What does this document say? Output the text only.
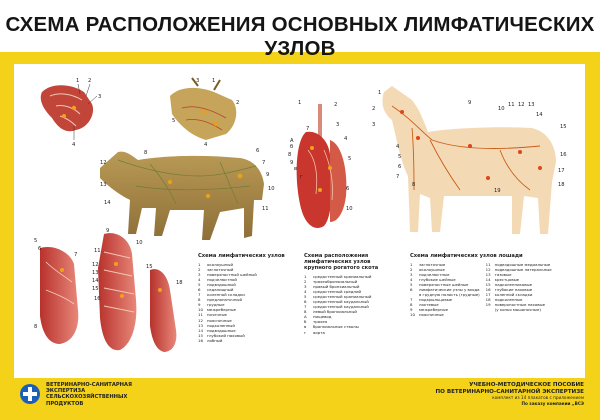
СХЕМА РАСПОЛОЖЕНИЯ ОСНОВНЫХ ЛИМФАТИЧЕСКИХ УЗЛОВ
1 2
3
4
5
3 1
2
4
6
7
8
9
10
12
13
14
11
1	2
3
4
5
6
7
8
9
10
А
б
в
г
1
2
3
4
5
6
7
8
9
10
11 12 13
14
15
16
17
18
19
5
6
7
8
9
10
11
12
13
14
15
16
15
18
Схема лимфатических узлов
1 околоушный
2 заглоточный
3 поверхностный шейный
4 подчелюстной
5 подвздошный
6 седалищный
7 коленной складки
8 предлопаточный
9 грудные
10 межреберные
11 почечные
12 поясничные
13 подколенный
14 подвздошные
15 глубокий паховый
16 лобный
Схема расположения лимфатических узлов крупного рогатого скота
1 средостенный краниальный
2 трахеобронхиальный
3 правый бронхиальный
4 средостенный средний
5 средостенный краниальный
6 средостенный каудальный
7 средостенный каудальный
8 левый бронхиальный
А пищевод
б трахея
в бронхиальные стволы
г аорта
Схема лимфатических узлов лошади
1 заглоточные
2 околоушные
3 подчелюстные
4 глубокие шейные
5 поверхностные шейные
6 лимфатические узлы у входа
в грудную полость (грудные)
7 подкрыльцовые
8 локтевые
9 межреберные
10 поясничные
11 подвздошные медиальные
12 подвздошные латеральные
13 тазовые
14 крестцовые
15 надколенниковые
16 глубокие паховые
17 коленной складки
18 подколенные
19 поверхностные паховые
(у конья мошоночные)
ВЕТЕРИНАРНО-САНИТАРНАЯ
ЭКСПЕРТИЗА
СЕЛЬСКОХОЗЯЙСТВЕННЫХ
ПРОДУКТОВ
УЧЕБНО-МЕТОДИЧЕСКОЕ ПОСОБИЕ
ПО ВЕТЕРИНАРНО-САНИТАРНОЙ ЭКСПЕРТИЗЕ
комплект из 14 плакатов с приложением
По заказу компании „ВСЭ
